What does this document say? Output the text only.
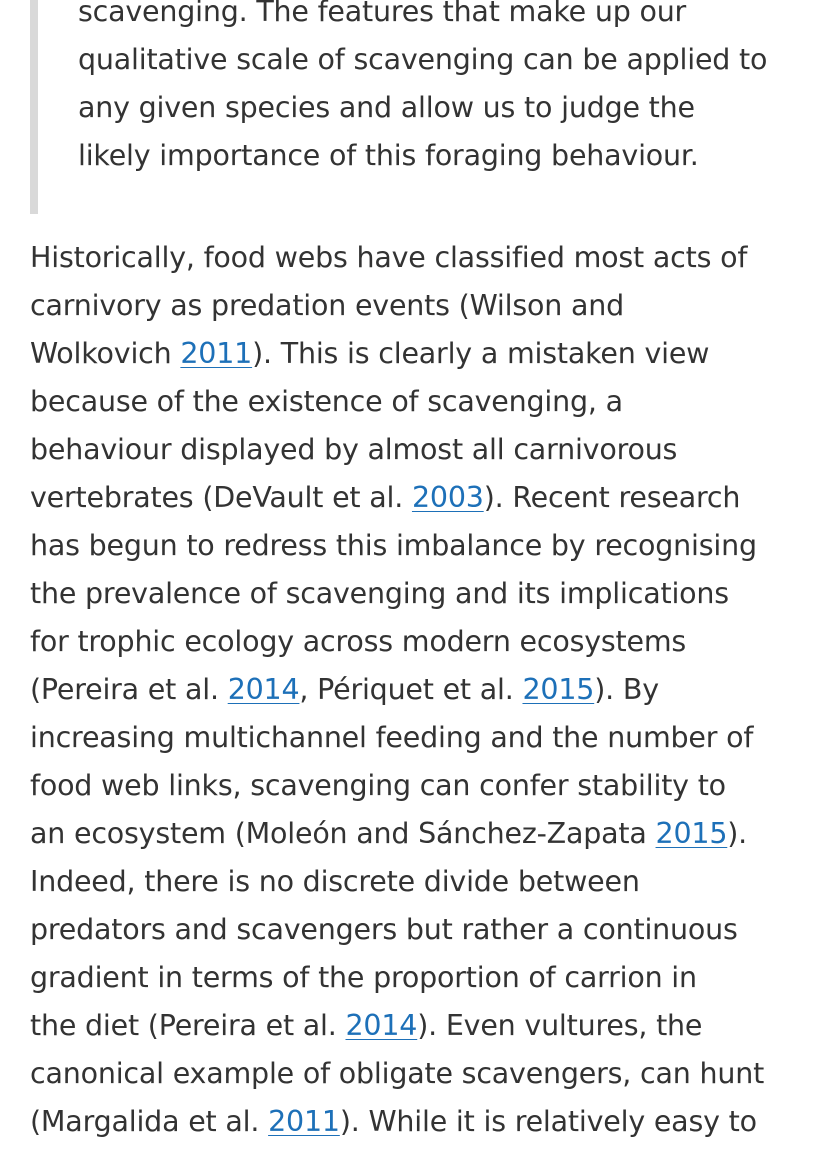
scavenging. The features that make up our
qualitative scale of scavenging can be applied to
any given species and allow us to judge the
likely importance of this foraging behaviour.
Historically, food webs have classified most acts of
carnivory as predation events (Wilson and
Wolkovich 2011). This is clearly a mistaken view
because of the existence of scavenging, a
behaviour displayed by almost all carnivorous
vertebrates (DeVault et al. 2003). Recent research
has begun to redress this imbalance by recognising
the prevalence of scavenging and its implications
for trophic ecology across modern ecosystems
(Pereira et al. 2014, Périquet et al. 2015). By
increasing multichannel feeding and the number of
food web links, scavenging can confer stability to
an ecosystem (Moleón and Sánchez-Zapata 2015).
Indeed, there is no discrete divide between
predators and scavengers but rather a continuous
gradient in terms of the proportion of carrion in
the diet (Pereira et al. 2014). Even vultures, the
canonical example of obligate scavengers, can hunt
(Margalida et al. 2011). While it is relatively easy to
